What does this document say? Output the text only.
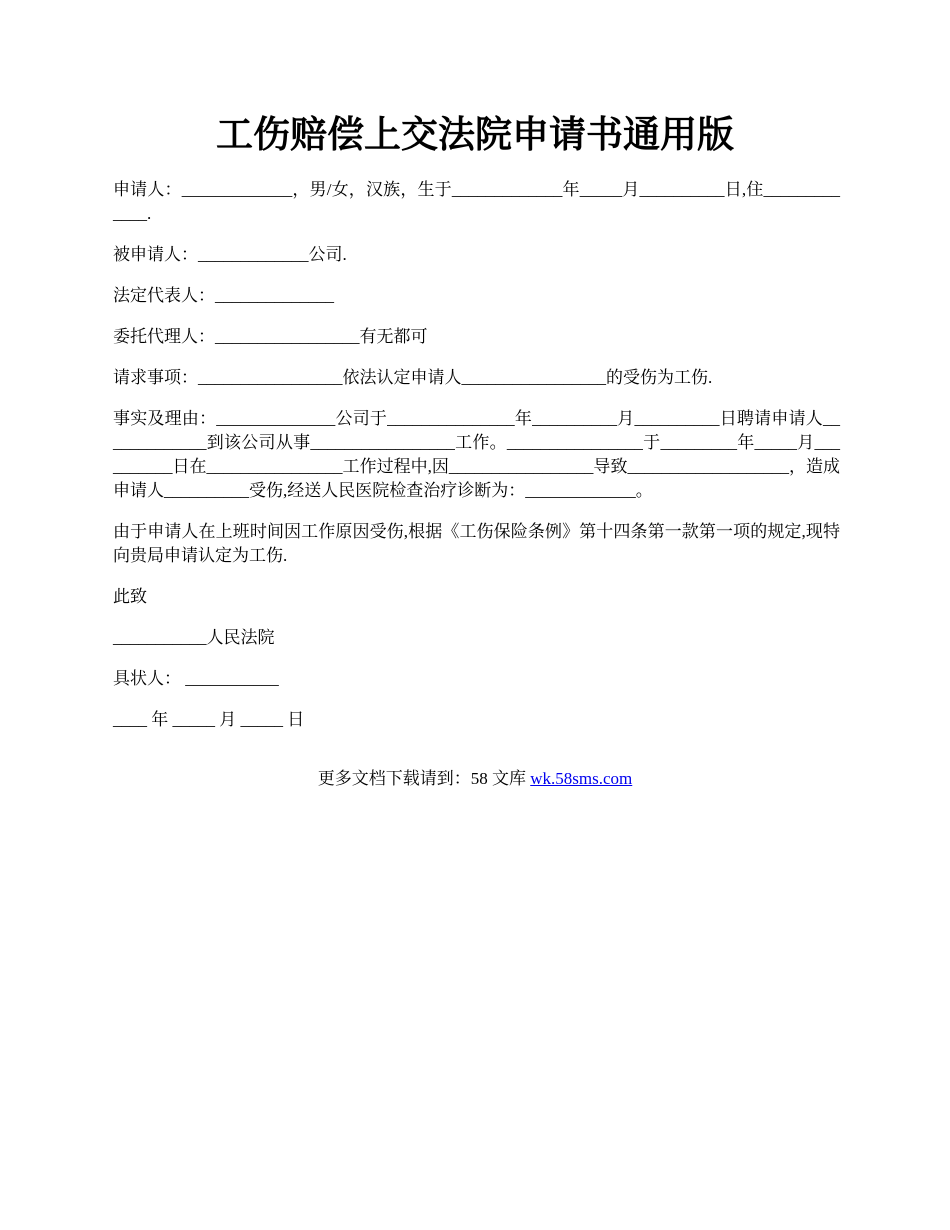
工伤赔偿上交法院申请书通用版

申请人：_____________，男/女，汉族，生于_____________年_____月__________日,住_____________.

被申请人：_____________公司.

法定代表人：______________

委托代理人：_________________有无都可

请求事项：_________________依法认定申请人_________________的受伤为工伤.

事实及理由：______________公司于_______________年__________月__________日聘请申请人_____________到该公司从事_________________工作。________________于_________年_____月__________日在________________工作过程中,因_________________导致___________________，造成申请人__________受伤,经送人民医院检查治疗诊断为：_____________。

由于申请人在上班时间因工作原因受伤,根据《工伤保险条例》第十四条第一款第一项的规定,现特向贵局申请认定为工伤.

此致

___________人民法院

具状人： ___________

____ 年 _____ 月 _____ 日

更多文档下载请到：58 文库 wk.58sms.com
